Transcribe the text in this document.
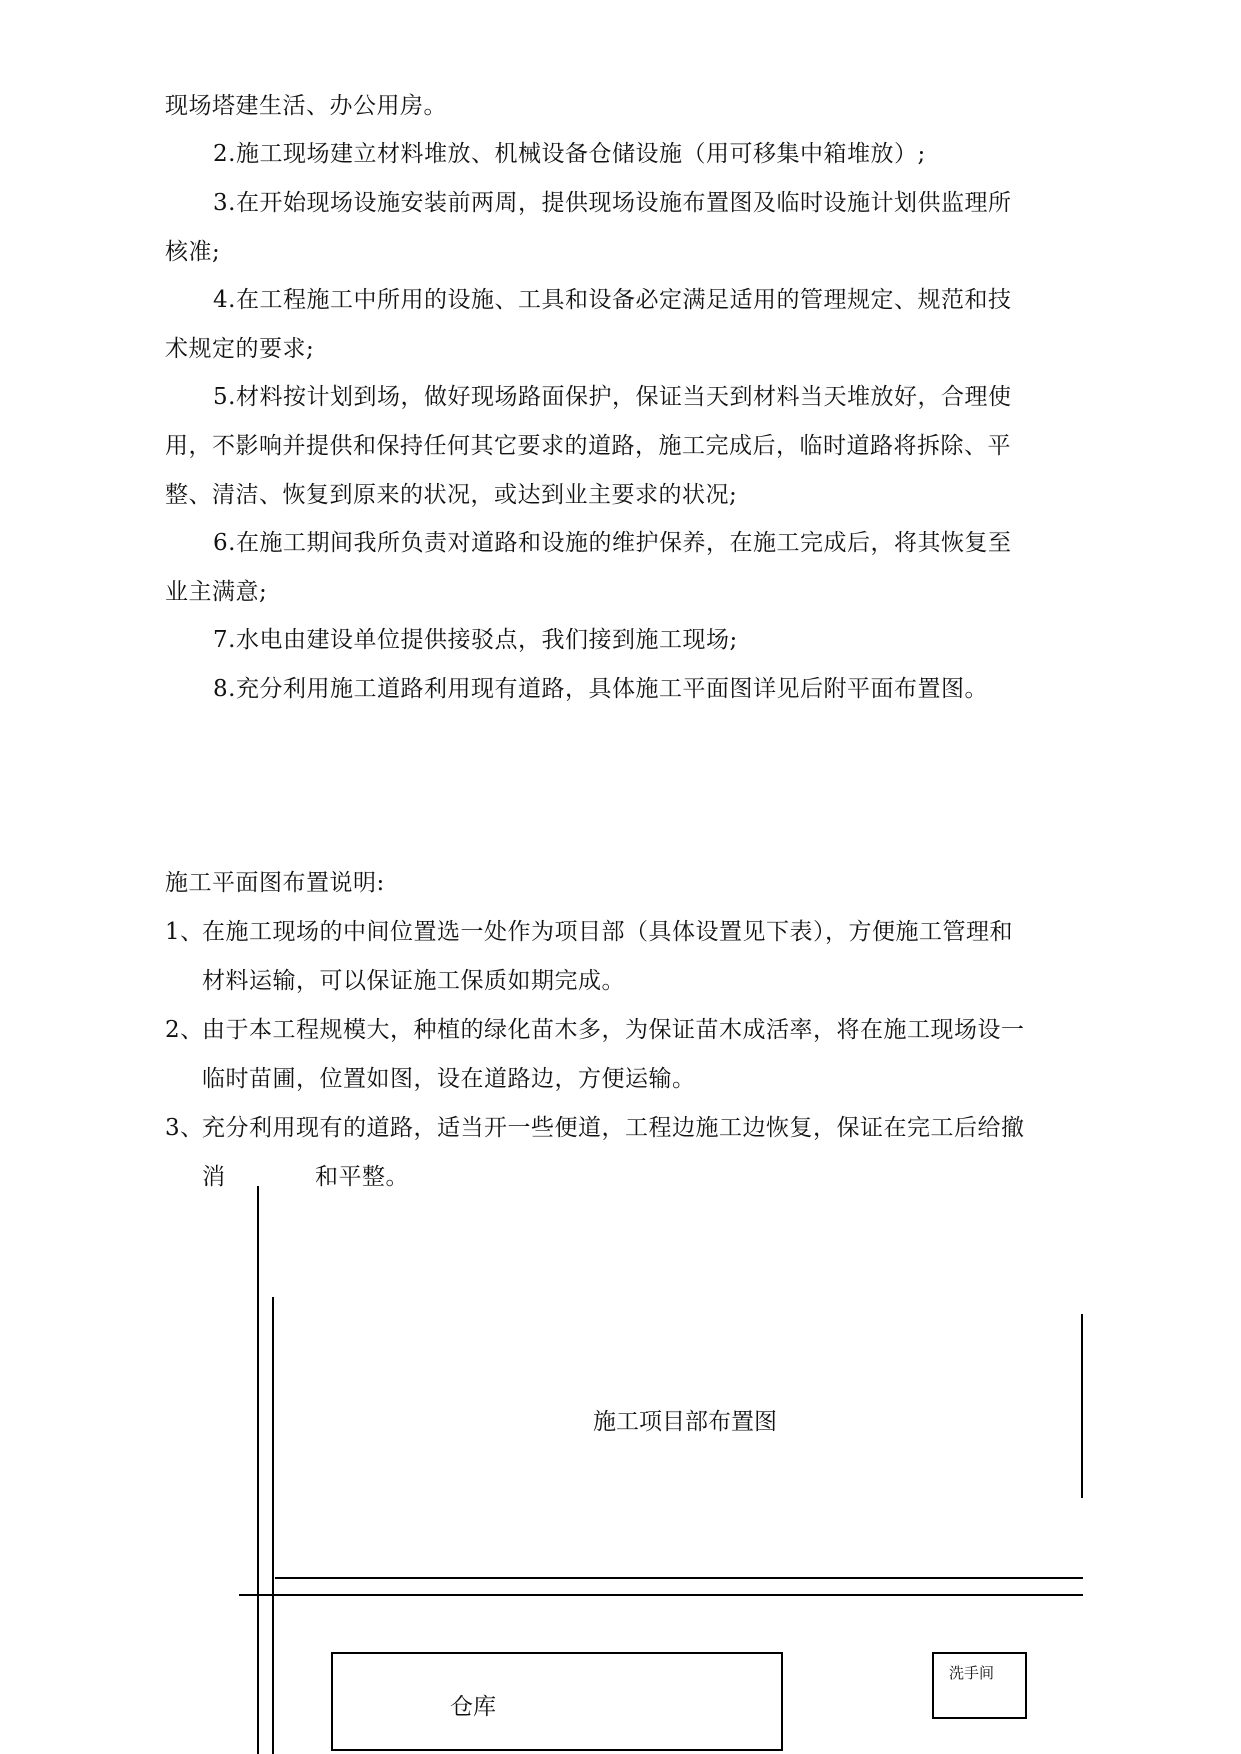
现场塔建生活、办公用房。
2.施工现场建立材料堆放、机械设备仓储设施（用可移集中箱堆放）;
3.在开始现场设施安装前两周，提供现场设施布置图及临时设施计划供监理所
核准;
4.在工程施工中所用的设施、工具和设备必定满足适用的管理规定、规范和技
术规定的要求;
5.材料按计划到场，做好现场路面保护，保证当天到材料当天堆放好，合理使
用，不影响并提供和保持任何其它要求的道路，施工完成后，临时道路将拆除、平
整、清洁、恢复到原来的状况，或达到业主要求的状况;
6.在施工期间我所负责对道路和设施的维护保养，在施工完成后，将其恢复至
业主满意;
7.水电由建设单位提供接驳点，我们接到施工现场;
8.充分利用施工道路利用现有道路，具体施工平面图详见后附平面布置图。
施工平面图布置说明:
1、
在施工现场的中间位置选一处作为项目部（具体设置见下表），方便施工管理和
材料运输，可以保证施工保质如期完成。
2、
由于本工程规模大，种植的绿化苗木多，为保证苗木成活率，将在施工现场设一
临时苗圃，位置如图，设在道路边，方便运输。
3、
充分利用现有的道路，适当开一些便道，工程边施工边恢复，保证在完工后给撤
消	和平整。
施工项目部布置图
仓库
洗手间
